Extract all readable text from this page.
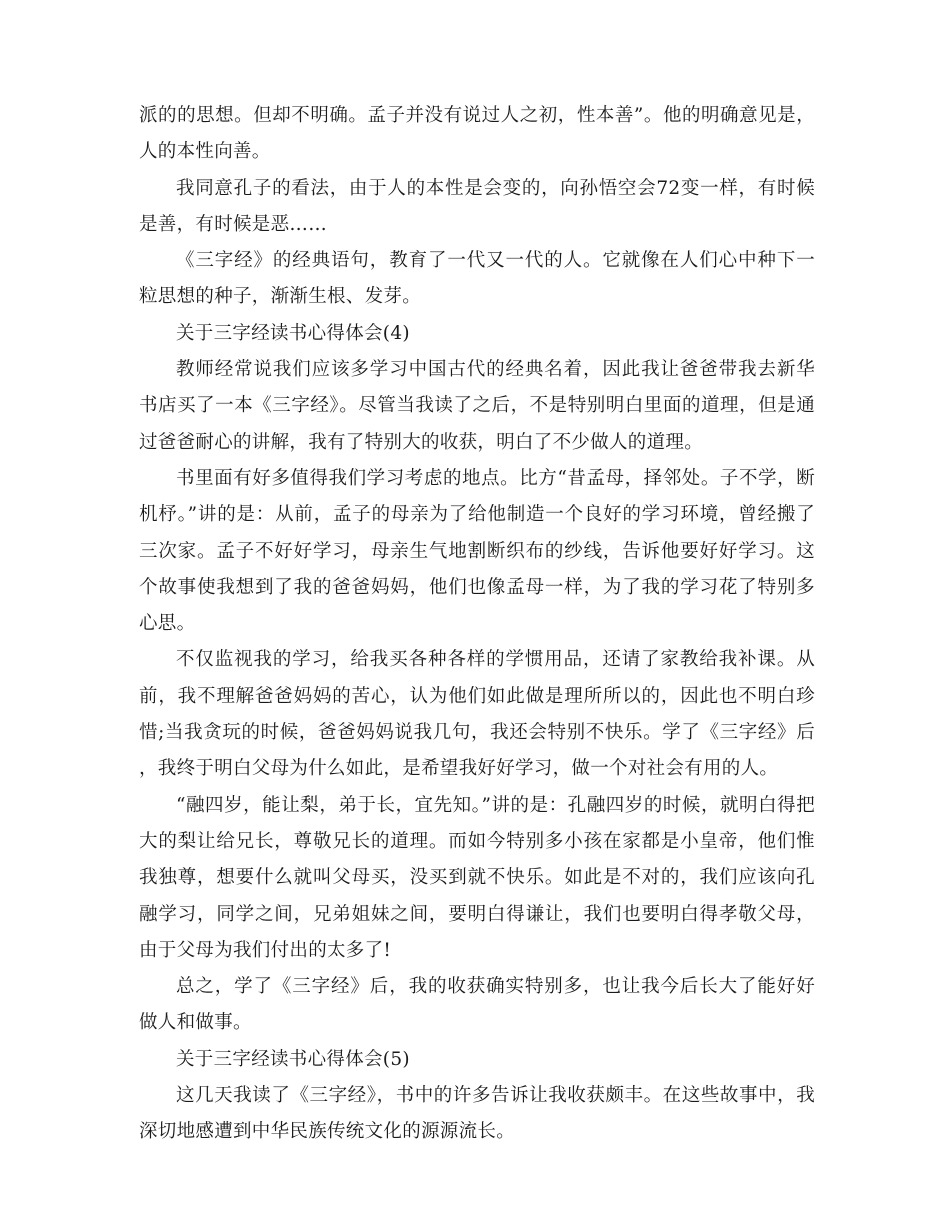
派的的思想。但却不明确。孟子并没有说过人之初，性本善”。他的明确意见是，人的本性向善。

我同意孔子的看法，由于人的本性是会变的，向孙悟空会72变一样，有时候是善，有时候是恶……

《三字经》的经典语句，教育了一代又一代的人。它就像在人们心中种下一粒思想的种子，渐渐生根、发芽。

关于三字经读书心得体会(4)

教师经常说我们应该多学习中国古代的经典名着，因此我让爸爸带我去新华书店买了一本《三字经》。尽管当我读了之后，不是特别明白里面的道理，但是通过爸爸耐心的讲解，我有了特别大的收获，明白了不少做人的道理。

书里面有好多值得我们学习考虑的地点。比方“昔孟母，择邻处。子不学，断机杼。”讲的是：从前，孟子的母亲为了给他制造一个良好的学习环境，曾经搬了三次家。孟子不好好学习，母亲生气地割断织布的纱线，告诉他要好好学习。这个故事使我想到了我的爸爸妈妈，他们也像孟母一样，为了我的学习花了特别多心思。

不仅监视我的学习，给我买各种各样的学惯用品，还请了家教给我补课。从前，我不理解爸爸妈妈的苦心，认为他们如此做是理所所以的，因此也不明白珍惜;当我贪玩的时候，爸爸妈妈说我几句，我还会特别不快乐。学了《三字经》后，我终于明白父母为什么如此，是希望我好好学习，做一个对社会有用的人。

“融四岁，能让梨，弟于长，宜先知。”讲的是：孔融四岁的时候，就明白得把大的梨让给兄长，尊敬兄长的道理。而如今特别多小孩在家都是小皇帝，他们惟我独尊，想要什么就叫父母买，没买到就不快乐。如此是不对的，我们应该向孔融学习，同学之间，兄弟姐妹之间，要明白得谦让，我们也要明白得孝敬父母，由于父母为我们付出的太多了!

总之，学了《三字经》后，我的收获确实特别多，也让我今后长大了能好好做人和做事。

关于三字经读书心得体会(5)

这几天我读了《三字经》，书中的许多告诉让我收获颇丰。在这些故事中，我深切地感遭到中华民族传统文化的源源流长。
